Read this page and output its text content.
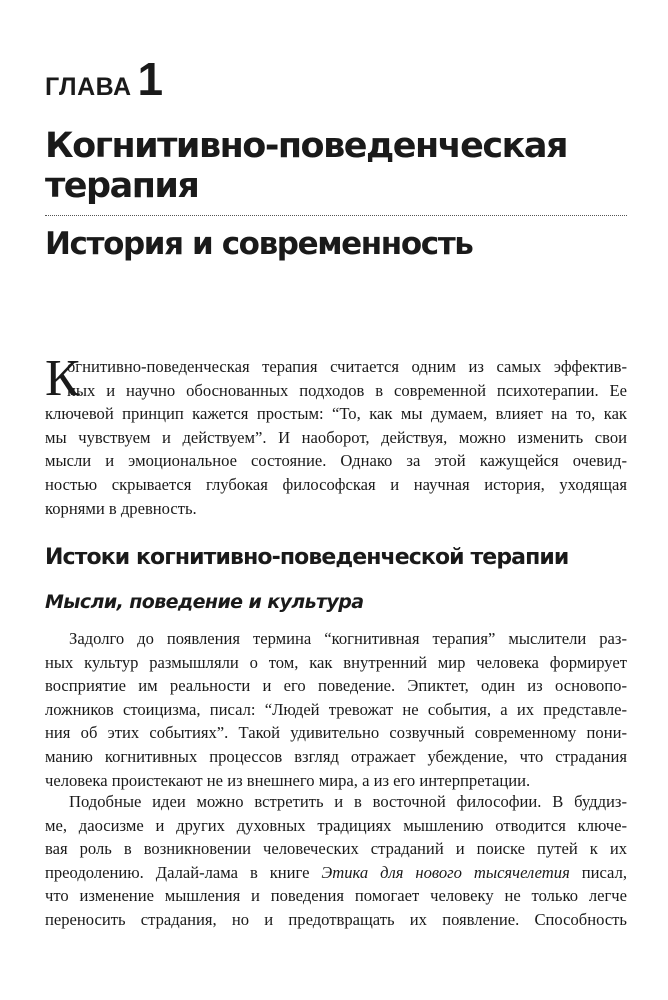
ГЛАВА 1
Когнитивно-поведенческая
терапия
История и современность
К
огнитивно-поведенческая терапия считается одним из самых эффектив-
ных и научно обоснованных подходов в современной психотерапии. Ее
ключевой принцип кажется простым: “То, как мы думаем, влияет на то, как
мы чувствуем и действуем”. И наоборот, действуя, можно изменить свои
мысли и эмоциональное состояние. Однако за этой кажущейся очевид-
ностью скрывается глубокая философская и научная история, уходящая
корнями в древность.
Истоки когнитивно-поведенческой терапии
Мысли, поведение и культура
Задолго до появления термина “когнитивная терапия” мыслители раз-
ных культур размышляли о том, как внутренний мир человека формирует
восприятие им реальности и его поведение. Эпиктет, один из основопо-
ложников стоицизма, писал: “Людей тревожат не события, а их представле-
ния об этих событиях”. Такой удивительно созвучный современному пони-
манию когнитивных процессов взгляд отражает убеждение, что страдания
человека проистекают не из внешнего мира, а из его интерпретации.
Подобные идеи можно встретить и в восточной философии. В буддиз-
ме, даосизме и других духовных традициях мышлению отводится ключе-
вая роль в возникновении человеческих страданий и поиске путей к их
преодолению. Далай-лама в книге Этика для нового тысячелетия писал,
что изменение мышления и поведения помогает человеку не только легче
переносить страдания, но и предотвращать их появление. Способность
